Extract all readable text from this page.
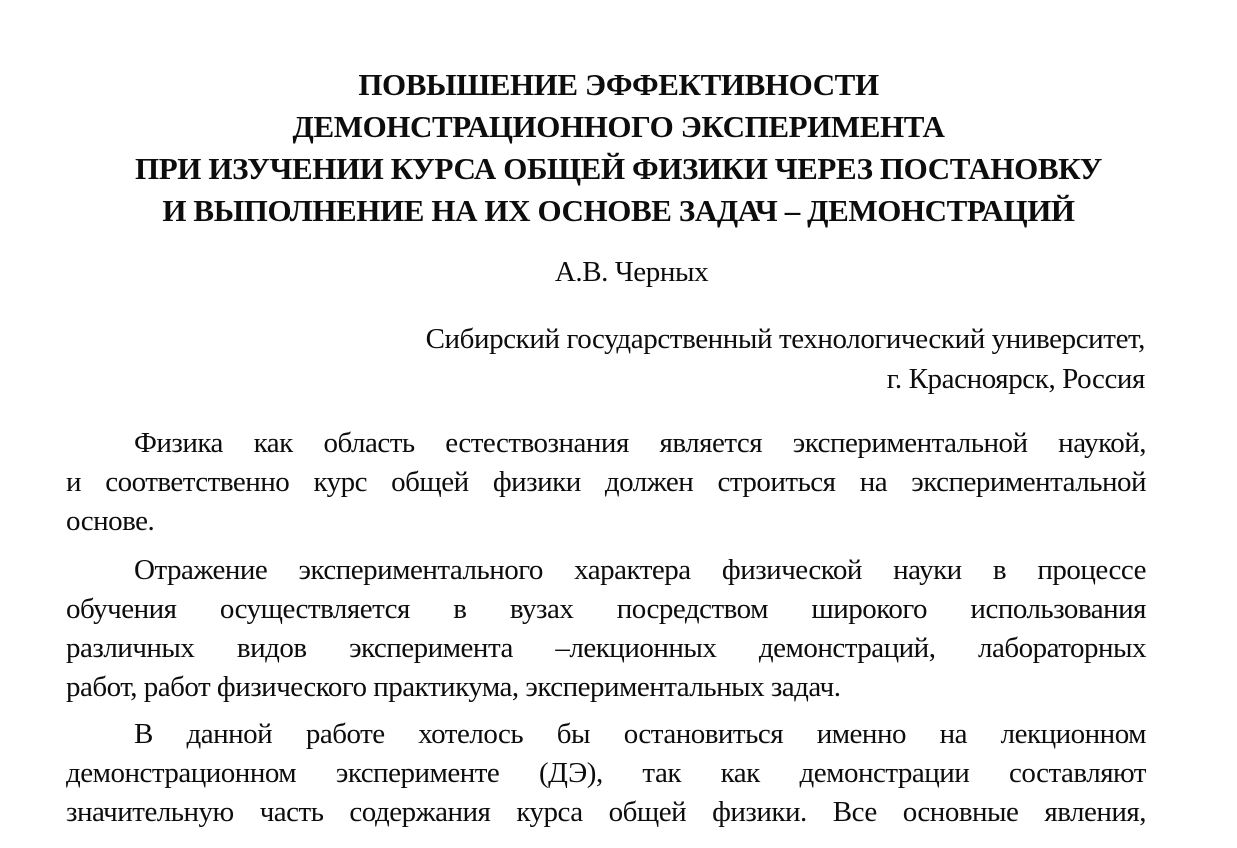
ПОВЫШЕНИЕ ЭФФЕКТИВНОСТИ
ДЕМОНСТРАЦИОННОГО ЭКСПЕРИМЕНТА
ПРИ ИЗУЧЕНИИ КУРСА ОБЩЕЙ ФИЗИКИ ЧЕРЕЗ ПОСТАНОВКУ
И ВЫПОЛНЕНИЕ НА ИХ ОСНОВЕ ЗАДАЧ – ДЕМОНСТРАЦИЙ
А.В. Черных
Сибирский государственный технологический университет,
г. Красноярск, Россия

Физика как область естествознания является экспериментальной наукой,
и соответственно курс общей физики должен строиться на экспериментальной
основе.

Отражение экспериментального характера физической науки в процессе
обучения осуществляется в вузах посредством широкого использования
различных видов эксперимента –лекционных демонстраций, лабораторных
работ, работ физического практикума, экспериментальных задач.

В данной работе хотелось бы остановиться именно на лекционном
демонстрационном эксперименте (ДЭ), так как демонстрации составляют
значительную часть содержания курса общей физики. Все основные явления,
